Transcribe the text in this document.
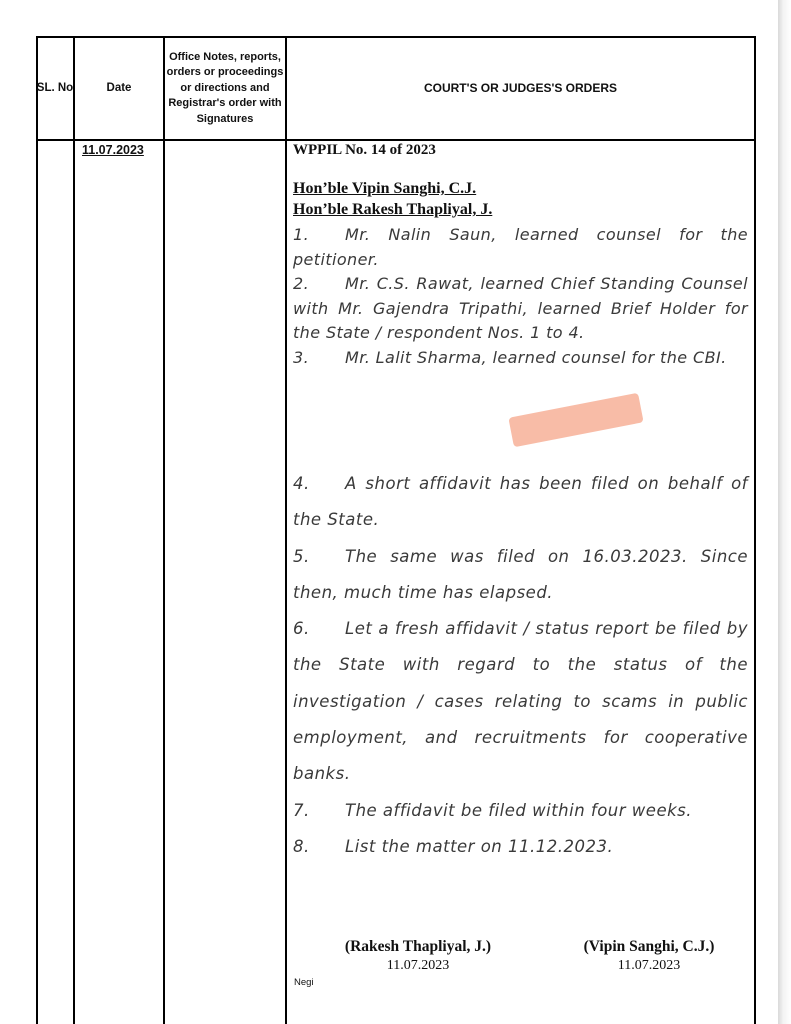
SL. No	Date
Office Notes, reports, orders or proceedings or directions and Registrar's order with Signatures
COURT'S OR JUDGES'S ORDERS
11.07.2023	WPPIL No. 14 of 2023
Hon’ble Vipin Sanghi, C.J.
Hon’ble Rakesh Thapliyal, J.

1. Mr. Nalin Saun, learned counsel for the petitioner.

2. Mr. C.S. Rawat, learned Chief Standing Counsel with Mr. Gajendra Tripathi, learned Brief Holder for the State / respondent Nos. 1 to 4.

3. Mr. Lalit Sharma, learned counsel for the CBI.

4. A short affidavit has been filed on behalf of the State.

5. The same was filed on 16.03.2023. Since then, much time has elapsed.

6. Let a fresh affidavit / status report be filed by the State with regard to the status of the investigation / cases relating to scams in public employment, and recruitments for cooperative banks.

7. The affidavit be filed within four weeks.

8. List the matter on 11.12.2023.

(Rakesh Thapliyal, J.)
11.07.2023
(Vipin Sanghi, C.J.)
11.07.2023
Negi
